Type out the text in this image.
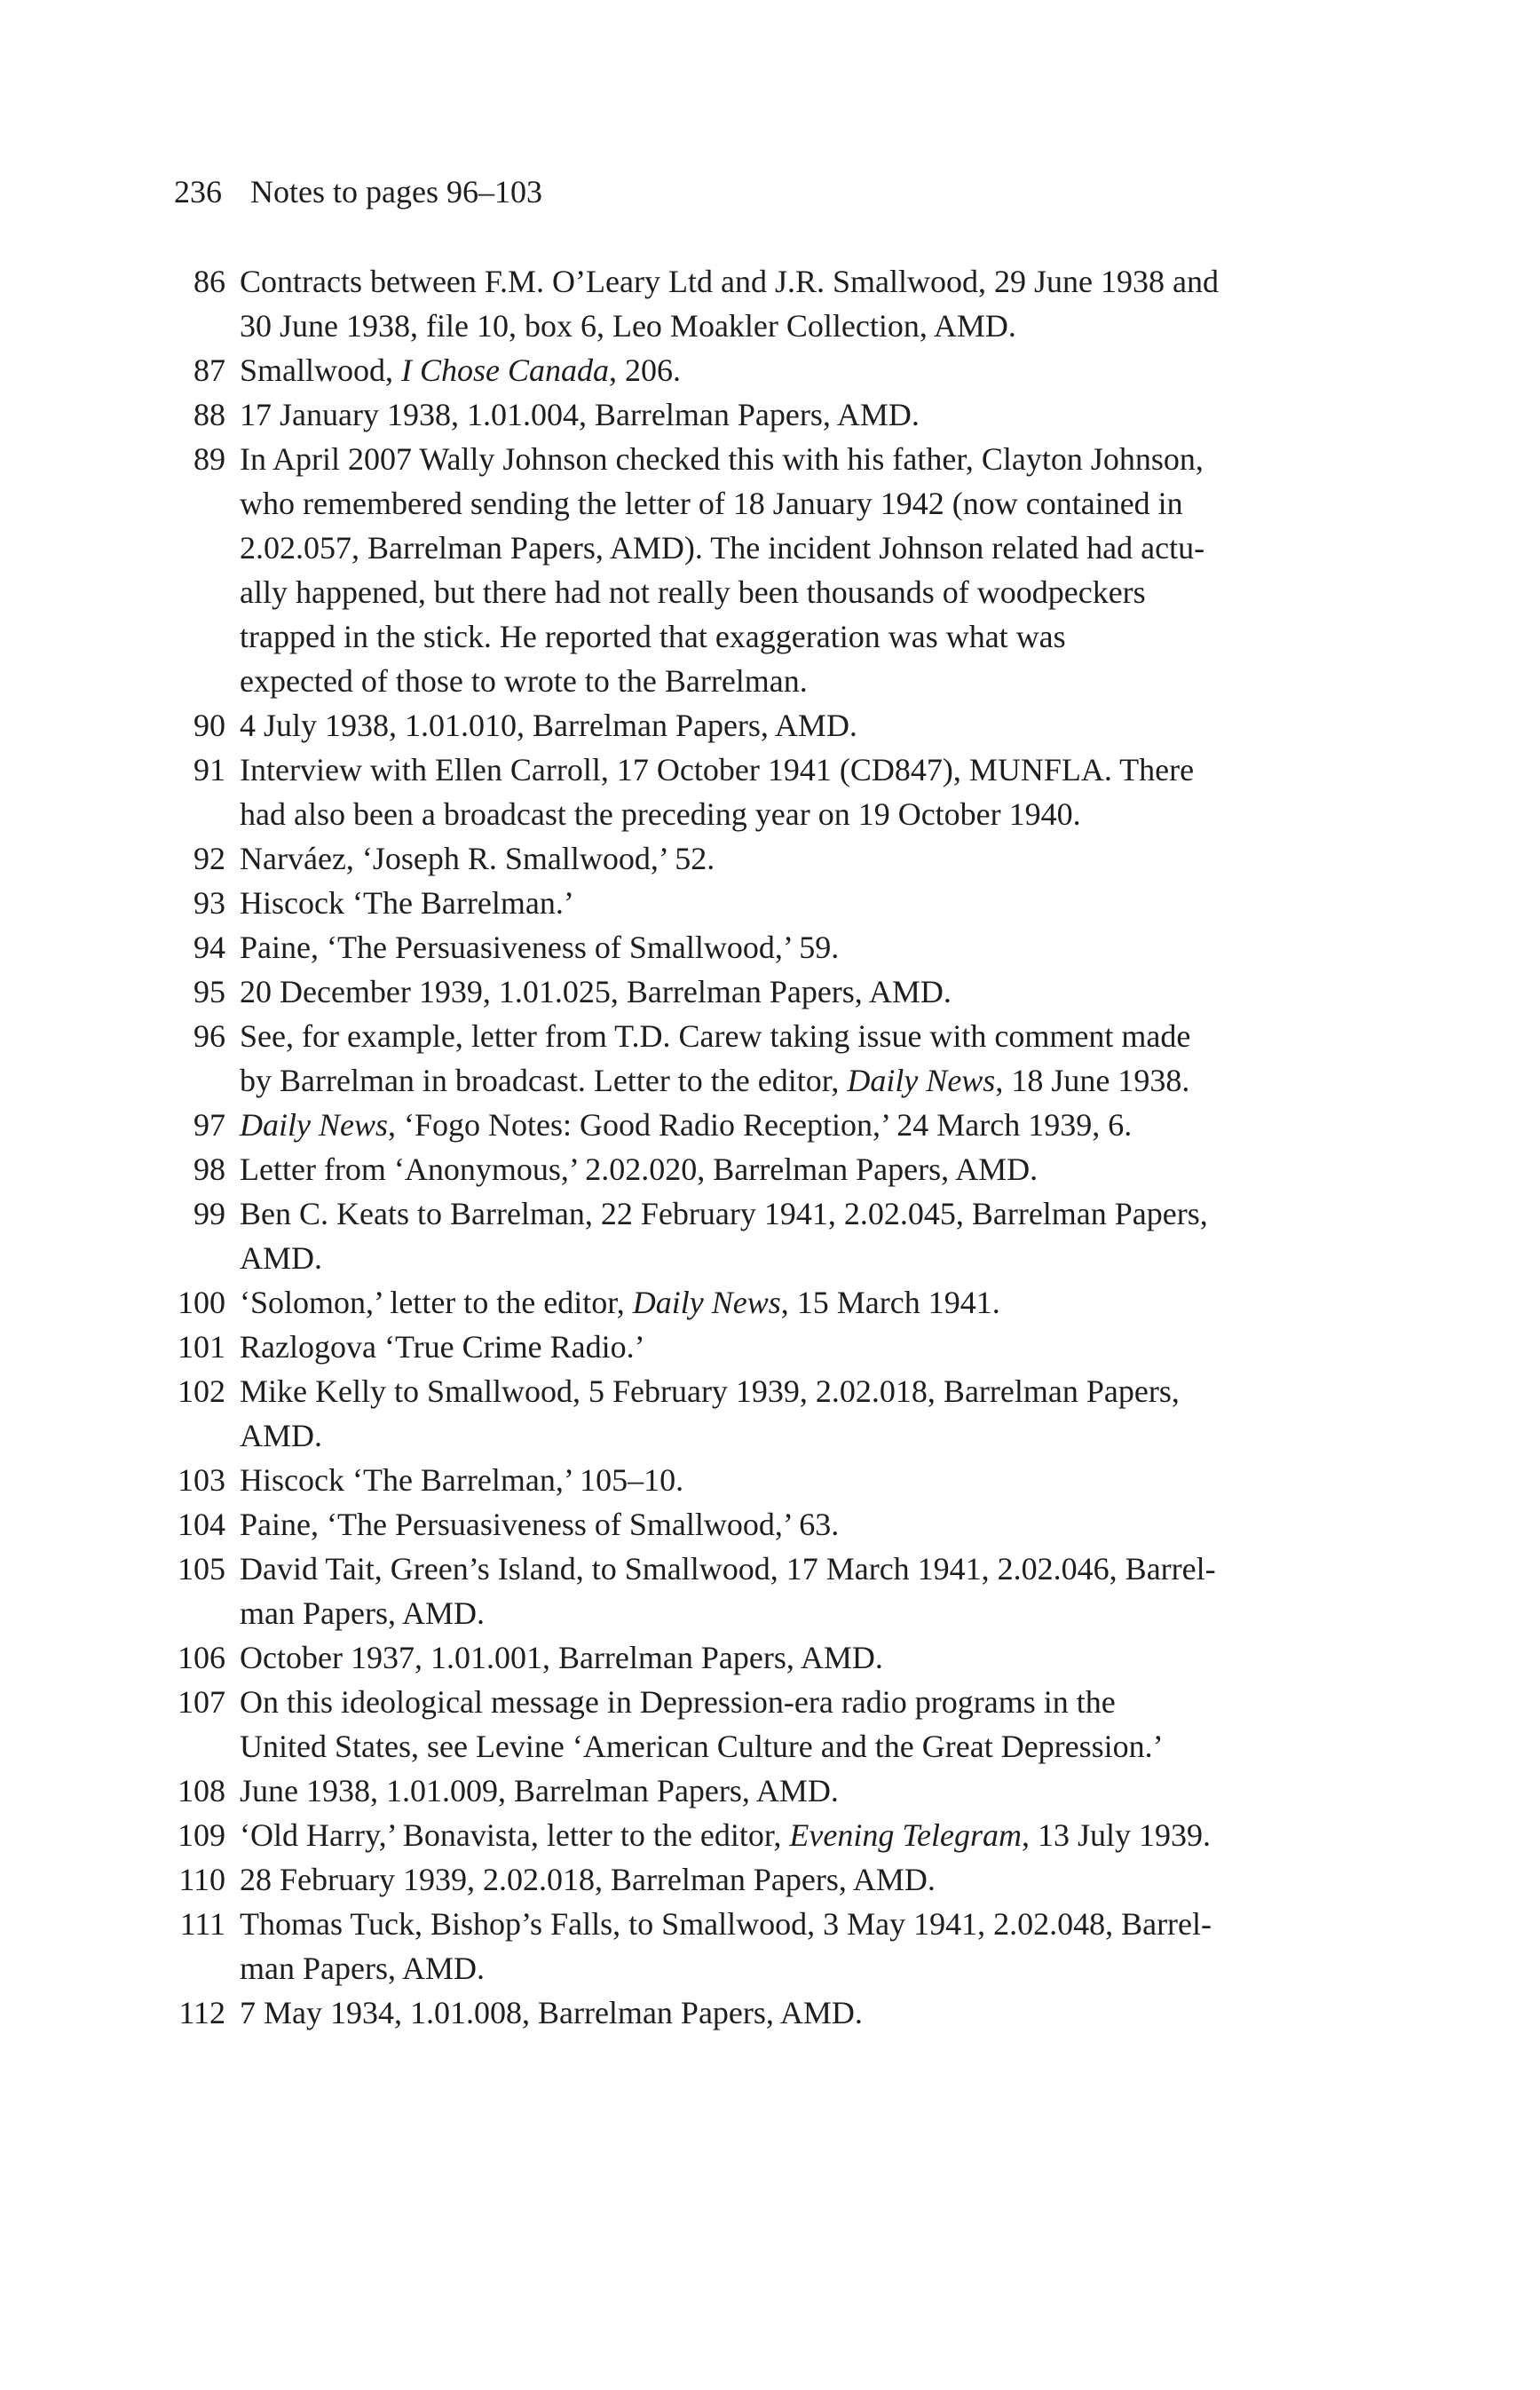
236 Notes to pages 96–103
86 Contracts between F.M. O’Leary Ltd and J.R. Smallwood, 29 June 1938 and
30 June 1938, file 10, box 6, Leo Moakler Collection, AMD.
87 Smallwood, I Chose Canada, 206.
88 17 January 1938, 1.01.004, Barrelman Papers, AMD.
89 In April 2007 Wally Johnson checked this with his father, Clayton Johnson,
who remembered sending the letter of 18 January 1942 (now contained in
2.02.057, Barrelman Papers, AMD). The incident Johnson related had actu-
ally happened, but there had not really been thousands of woodpeckers
trapped in the stick. He reported that exaggeration was what was
expected of those to wrote to the Barrelman.
90 4 July 1938, 1.01.010, Barrelman Papers, AMD.
91 Interview with Ellen Carroll, 17 October 1941 (CD847), MUNFLA. There
had also been a broadcast the preceding year on 19 October 1940.
92 Narváez, ‘Joseph R. Smallwood,’ 52.
93 Hiscock ‘The Barrelman.’
94 Paine, ‘The Persuasiveness of Smallwood,’ 59.
95 20 December 1939, 1.01.025, Barrelman Papers, AMD.
96 See, for example, letter from T.D. Carew taking issue with comment made
by Barrelman in broadcast. Letter to the editor, Daily News, 18 June 1938.
97 Daily News, ‘Fogo Notes: Good Radio Reception,’ 24 March 1939, 6.
98 Letter from ‘Anonymous,’ 2.02.020, Barrelman Papers, AMD.
99 Ben C. Keats to Barrelman, 22 February 1941, 2.02.045, Barrelman Papers,
AMD.
100 ‘Solomon,’ letter to the editor, Daily News, 15 March 1941.
101 Razlogova ‘True Crime Radio.’
102 Mike Kelly to Smallwood, 5 February 1939, 2.02.018, Barrelman Papers,
AMD.
103 Hiscock ‘The Barrelman,’ 105–10.
104 Paine, ‘The Persuasiveness of Smallwood,’ 63.
105 David Tait, Green’s Island, to Smallwood, 17 March 1941, 2.02.046, Barrel-
man Papers, AMD.
106 October 1937, 1.01.001, Barrelman Papers, AMD.
107 On this ideological message in Depression-era radio programs in the
United States, see Levine ‘American Culture and the Great Depression.’
108 June 1938, 1.01.009, Barrelman Papers, AMD.
109 ‘Old Harry,’ Bonavista, letter to the editor, Evening Telegram, 13 July 1939.
110 28 February 1939, 2.02.018, Barrelman Papers, AMD.
111 Thomas Tuck, Bishop’s Falls, to Smallwood, 3 May 1941, 2.02.048, Barrel-
man Papers, AMD.
112 7 May 1934, 1.01.008, Barrelman Papers, AMD.
